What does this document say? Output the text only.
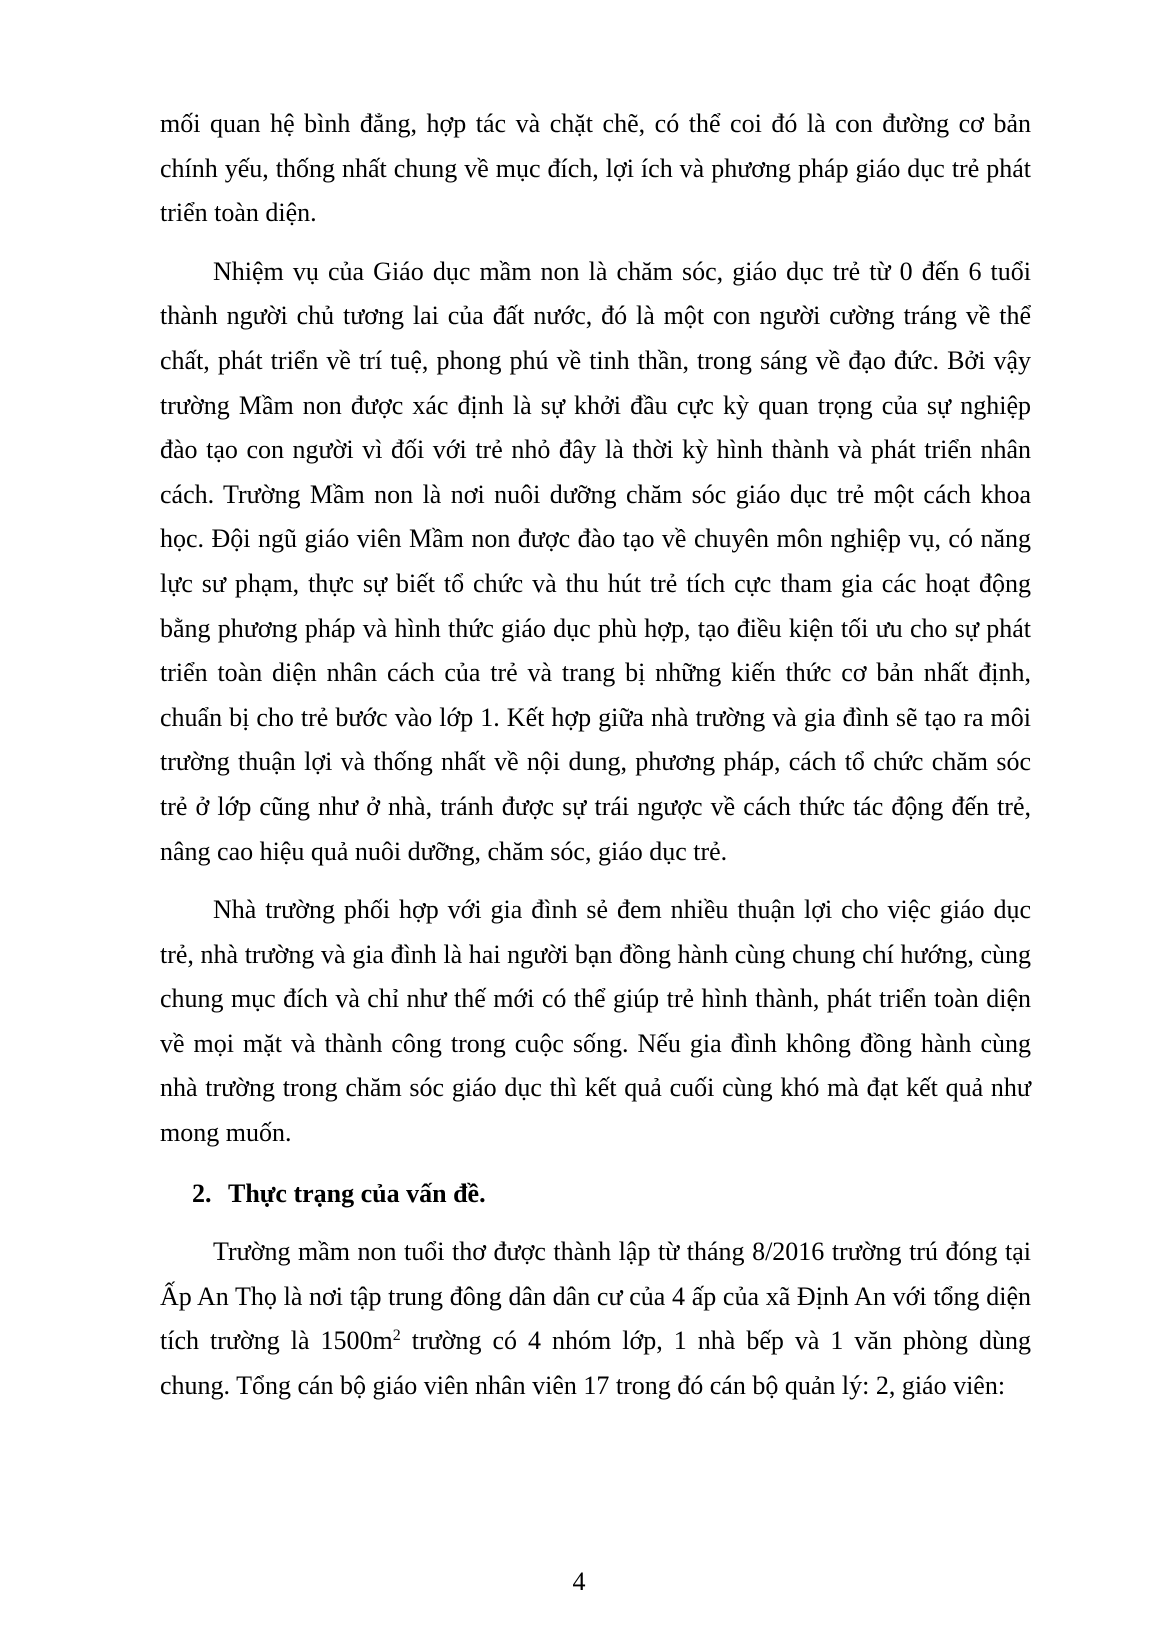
mối quan hệ bình đẳng, hợp tác và chặt chẽ, có thể coi đó là con đường cơ bản chính yếu, thống nhất chung về mục đích, lợi ích và phương pháp giáo dục trẻ phát triển toàn diện.

Nhiệm vụ của Giáo dục mầm non là chăm sóc, giáo dục trẻ từ 0 đến 6 tuổi thành người chủ tương lai của đất nước, đó là một con người cường tráng về thể chất, phát triển về trí tuệ, phong phú về tinh thần, trong sáng về đạo đức. Bởi vậy trường Mầm non được xác định là sự khởi đầu cực kỳ quan trọng của sự nghiệp đào tạo con người vì đối với trẻ nhỏ đây là thời kỳ hình thành và phát triển nhân cách. Trường Mầm non là nơi nuôi dưỡng chăm sóc giáo dục trẻ một cách khoa học. Đội ngũ giáo viên Mầm non được đào tạo về chuyên môn nghiệp vụ, có năng lực sư phạm, thực sự biết tổ chức và thu hút trẻ tích cực tham gia các hoạt động bằng phương pháp và hình thức giáo dục phù hợp, tạo điều kiện tối ưu cho sự phát triển toàn diện nhân cách của trẻ và trang bị những kiến thức cơ bản nhất định, chuẩn bị cho trẻ bước vào lớp 1. Kết hợp giữa nhà trường và gia đình sẽ tạo ra môi trường thuận lợi và thống nhất về nội dung, phương pháp, cách tổ chức chăm sóc trẻ ở lớp cũng như ở nhà, tránh được sự trái ngược về cách thức tác động đến trẻ, nâng cao hiệu quả nuôi dưỡng, chăm sóc, giáo dục trẻ.

Nhà trường phối hợp với gia đình sẻ đem nhiều thuận lợi cho việc giáo dục trẻ, nhà trường và gia đình là hai người bạn đồng hành cùng chung chí hướng, cùng chung mục đích và chỉ như thế mới có thể giúp trẻ hình thành, phát triển toàn diện về mọi mặt và thành công trong cuộc sống. Nếu gia đình không đồng hành cùng nhà trường trong chăm sóc giáo dục thì kết quả cuối cùng khó mà đạt kết quả như mong muốn.

2. Thực trạng của vấn đề.

Trường mầm non tuổi thơ được thành lập từ tháng 8/2016 trường trú đóng tại Ấp An Thọ là nơi tập trung đông dân dân cư của 4 ấp của xã Định An với tổng diện tích trường là $1500m^2$ trường có 4 nhóm lớp, 1 nhà bếp và 1 văn phòng dùng chung. Tổng cán bộ giáo viên nhân viên 17 trong đó cán bộ quản lý: 2, giáo viên:

4
